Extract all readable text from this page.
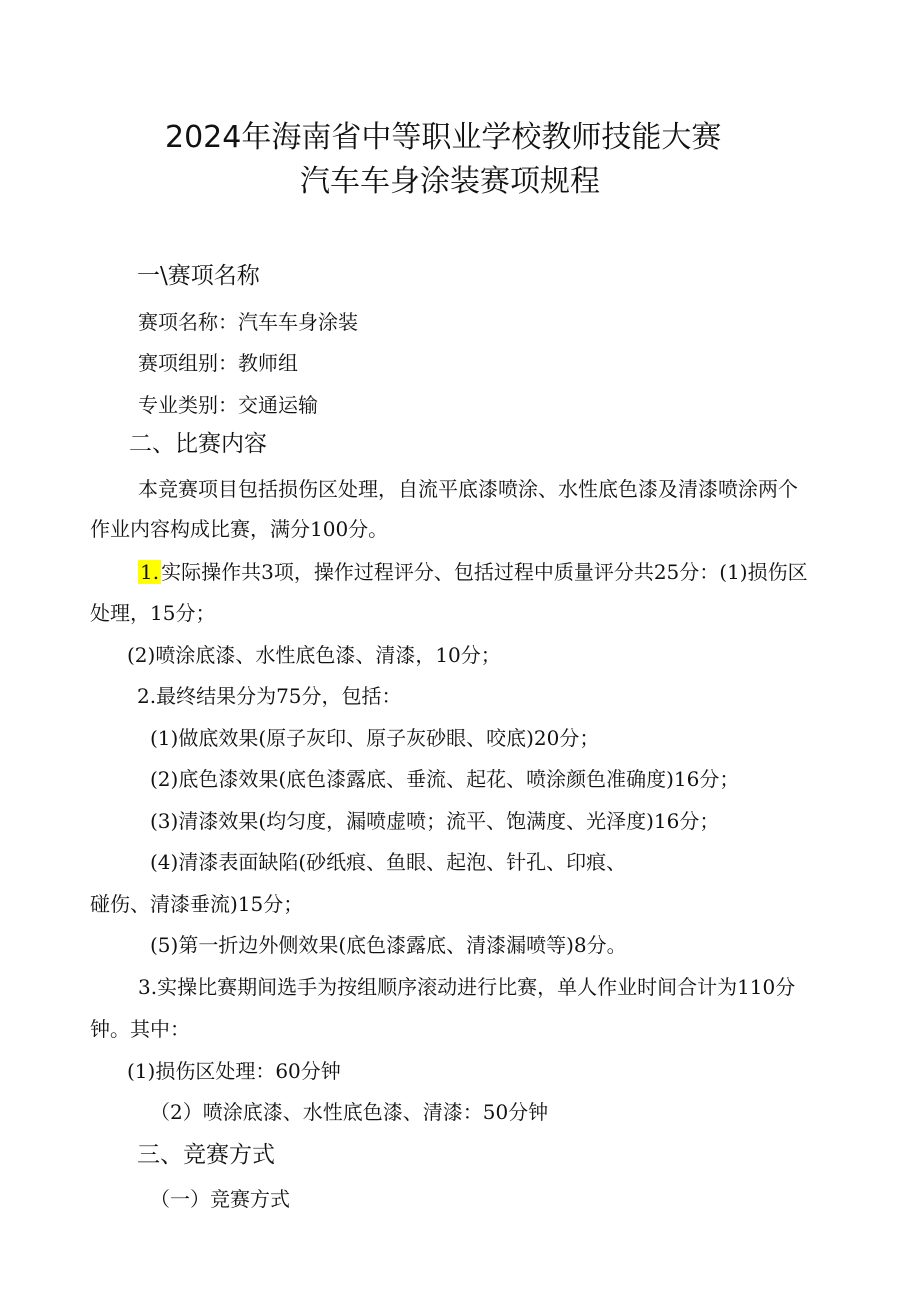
2024年海南省中等职业学校教师技能大赛
汽车车身涂装赛项规程
一\赛项名称
赛项名称：汽车车身涂装
赛项组别：教师组
专业类别：交通运输
二、比赛内容
本竞赛项目包括损伤区处理，自流平底漆喷涂、水性底色漆及清漆喷涂两个
作业内容构成比赛，满分100分。
1. 实际操作共3项，操作过程评分、包括过程中质量评分共25分：(1)损伤区
处理，15分；
(2)喷涂底漆、水性底色漆、清漆，10分；
2.最终结果分为75分，包括：
(1)做底效果(原子灰印、原子灰砂眼、咬底)20分；
(2)底色漆效果(底色漆露底、垂流、起花、喷涂颜色准确度)16分；
(3)清漆效果(均匀度，漏喷虚喷；流平、饱满度、光泽度)16分；
(4)清漆表面缺陷(砂纸痕、鱼眼、起泡、针孔、印痕、
碰伤、清漆垂流)15分；
(5)第一折边外侧效果(底色漆露底、清漆漏喷等)8分。
3.实操比赛期间选手为按组顺序滚动进行比赛，单人作业时间合计为110分
钟。其中：
(1)损伤区处理：60分钟
（2）喷涂底漆、水性底色漆、清漆：50分钟
三、竞赛方式
（一）竞赛方式
